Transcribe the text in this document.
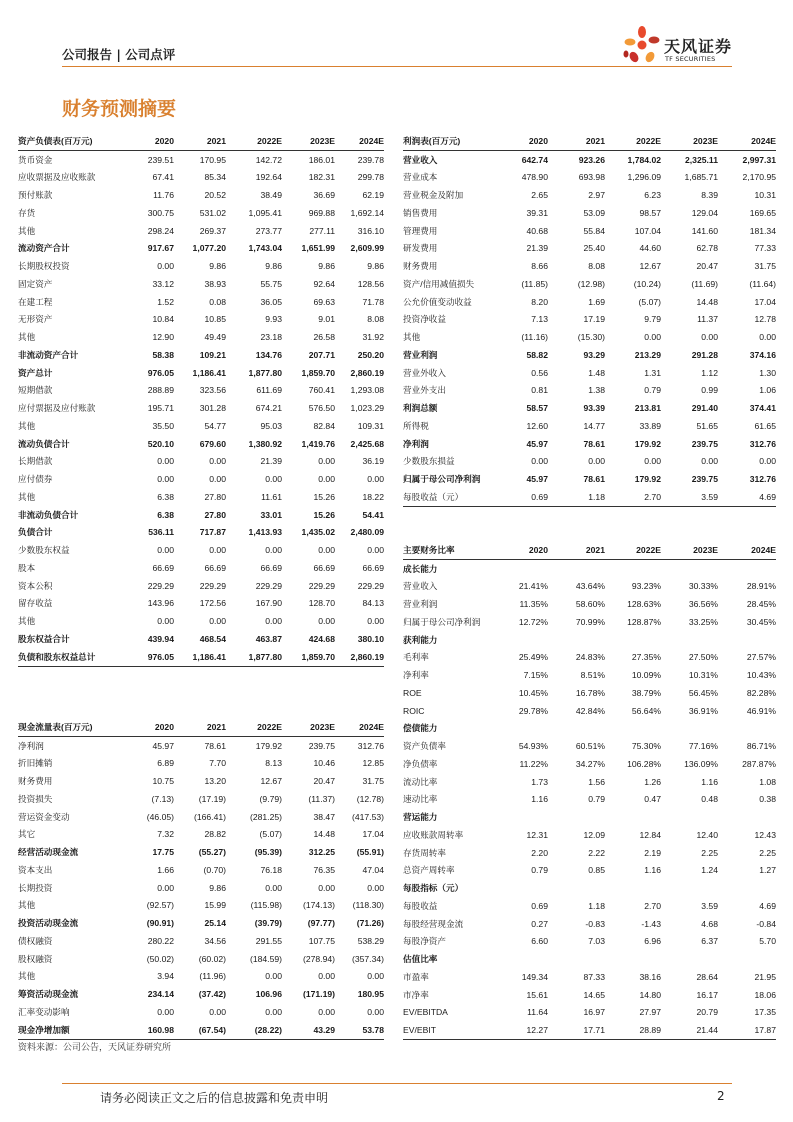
公司报告 | 公司点评	天风证券
TF SECURITIES
财务预测摘要
资产负债表(百万元)	2020	2021	2022E	2023E	2024E
货币资金	239.51	170.95	142.72	186.01	239.78
应收票据及应收账款	67.41	85.34	192.64	182.31	299.78
预付账款	11.76	20.52	38.49	36.69	62.19
存货	300.75	531.02	1,095.41	969.88	1,692.14
其他	298.24	269.37	273.77	277.11	316.10
流动资产合计	917.67	1,077.20	1,743.04	1,651.99	2,609.99
长期股权投资	0.00	9.86	9.86	9.86	9.86
固定资产	33.12	38.93	55.75	92.64	128.56
在建工程	1.52	0.08	36.05	69.63	71.78
无形资产	10.84	10.85	9.93	9.01	8.08
其他	12.90	49.49	23.18	26.58	31.92
非流动资产合计	58.38	109.21	134.76	207.71	250.20
资产总计	976.05	1,186.41	1,877.80	1,859.70	2,860.19
短期借款	288.89	323.56	611.69	760.41	1,293.08
应付票据及应付账款	195.71	301.28	674.21	576.50	1,023.29
其他	35.50	54.77	95.03	82.84	109.31
流动负债合计	520.10	679.60	1,380.92	1,419.76	2,425.68
长期借款	0.00	0.00	21.39	0.00	36.19
应付债券	0.00	0.00	0.00	0.00	0.00
其他	6.38	27.80	11.61	15.26	18.22
非流动负债合计	6.38	27.80	33.01	15.26	54.41
负债合计	536.11	717.87	1,413.93	1,435.02	2,480.09
少数股东权益	0.00	0.00	0.00	0.00	0.00
股本	66.69	66.69	66.69	66.69	66.69
资本公积	229.29	229.29	229.29	229.29	229.29
留存收益	143.96	172.56	167.90	128.70	84.13
其他	0.00	0.00	0.00	0.00	0.00
股东权益合计	439.94	468.54	463.87	424.68	380.10
负债和股东权益总计	976.05	1,186.41	1,877.80	1,859.70	2,860.19
利润表(百万元)	2020	2021	2022E	2023E	2024E
营业收入	642.74	923.26	1,784.02	2,325.11	2,997.31
营业成本	478.90	693.98	1,296.09	1,685.71	2,170.95
营业税金及附加	2.65	2.97	6.23	8.39	10.31
销售费用	39.31	53.09	98.57	129.04	169.65
管理费用	40.68	55.84	107.04	141.60	181.34
研发费用	21.39	25.40	44.60	62.78	77.33
财务费用	8.66	8.08	12.67	20.47	31.75
资产/信用减值损失	(11.85)	(12.98)	(10.24)	(11.69)	(11.64)
公允价值变动收益	8.20	1.69	(5.07)	14.48	17.04
投资净收益	7.13	17.19	9.79	11.37	12.78
其他	(11.16)	(15.30)	0.00	0.00	0.00
营业利润	58.82	93.29	213.29	291.28	374.16
营业外收入	0.56	1.48	1.31	1.12	1.30
营业外支出	0.81	1.38	0.79	0.99	1.06
利润总额	58.57	93.39	213.81	291.40	374.41
所得税	12.60	14.77	33.89	51.65	61.65
净利润	45.97	78.61	179.92	239.75	312.76
少数股东损益	0.00	0.00	0.00	0.00	0.00
归属于母公司净利润	45.97	78.61	179.92	239.75	312.76
每股收益（元）	0.69	1.18	2.70	3.59	4.69
主要财务比率	2020	2021	2022E	2023E	2024E
成长能力					
营业收入	21.41%	43.64%	93.23%	30.33%	28.91%
营业利润	11.35%	58.60%	128.63%	36.56%	28.45%
归属于母公司净利润	12.72%	70.99%	128.87%	33.25%	30.45%
获利能力					
毛利率	25.49%	24.83%	27.35%	27.50%	27.57%
净利率	7.15%	8.51%	10.09%	10.31%	10.43%
ROE	10.45%	16.78%	38.79%	56.45%	82.28%
ROIC	29.78%	42.84%	56.64%	36.91%	46.91%
偿债能力					
资产负债率	54.93%	60.51%	75.30%	77.16%	86.71%
净负债率	11.22%	34.27%	106.28%	136.09%	287.87%
流动比率	1.73	1.56	1.26	1.16	1.08
速动比率	1.16	0.79	0.47	0.48	0.38
营运能力					
应收账款周转率	12.31	12.09	12.84	12.40	12.43
存货周转率	2.20	2.22	2.19	2.25	2.25
总资产周转率	0.79	0.85	1.16	1.24	1.27
每股指标（元）					
每股收益	0.69	1.18	2.70	3.59	4.69
每股经营现金流	0.27	-0.83	-1.43	4.68	-0.84
每股净资产	6.60	7.03	6.96	6.37	5.70
估值比率					
市盈率	149.34	87.33	38.16	28.64	21.95
市净率	15.61	14.65	14.80	16.17	18.06
EV/EBITDA	11.64	16.97	27.97	20.79	17.35
EV/EBIT	12.27	17.71	28.89	21.44	17.87
现金流量表(百万元)	2020	2021	2022E	2023E	2024E
净利润	45.97	78.61	179.92	239.75	312.76
折旧摊销	6.89	7.70	8.13	10.46	12.85
财务费用	10.75	13.20	12.67	20.47	31.75
投资损失	(7.13)	(17.19)	(9.79)	(11.37)	(12.78)
营运资金变动	(46.05)	(166.41)	(281.25)	38.47	(417.53)
其它	7.32	28.82	(5.07)	14.48	17.04
经营活动现金流	17.75	(55.27)	(95.39)	312.25	(55.91)
资本支出	1.66	(0.70)	76.18	76.35	47.04
长期投资	0.00	9.86	0.00	0.00	0.00
其他	(92.57)	15.99	(115.98)	(174.13)	(118.30)
投资活动现金流	(90.91)	25.14	(39.79)	(97.77)	(71.26)
债权融资	280.22	34.56	291.55	107.75	538.29
股权融资	(50.02)	(60.02)	(184.59)	(278.94)	(357.34)
其他	3.94	(11.96)	0.00	0.00	0.00
筹资活动现金流	234.14	(37.42)	106.96	(171.19)	180.95
汇率变动影响	0.00	0.00	0.00	0.00	0.00
现金净增加额	160.98	(67.54)	(28.22)	43.29	53.78
资料来源：公司公告，天风证券研究所
请务必阅读正文之后的信息披露和免责申明	2
